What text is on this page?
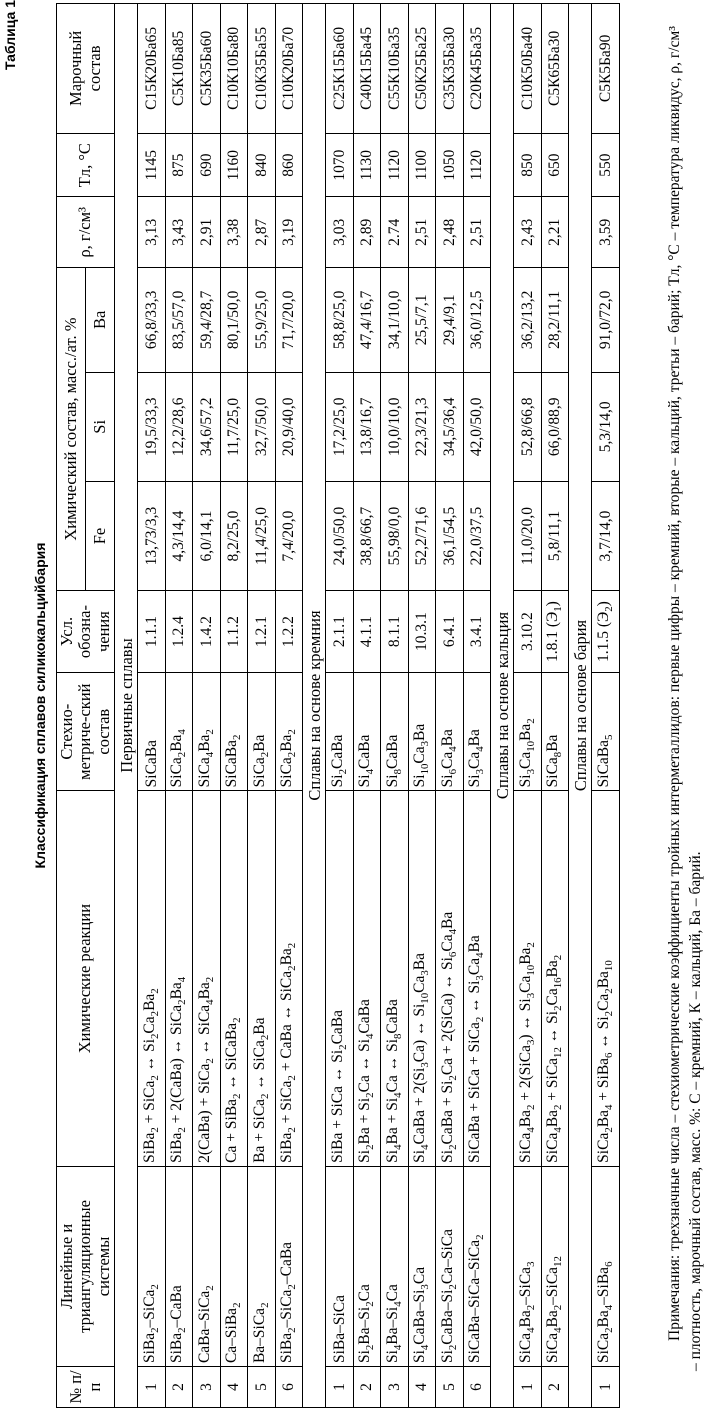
Таблица 1
Классификация сплавов силикокальцийбария
№ п/п	Линейные и триангуляционные системы	Химические реакции	Стехио-метриче-ский состав	Усл. обозна-чения	Химический состав, масс./ат. %			ρ, г/см³	Tл, °C	Марочный состав
					Fe	Si	Ba			
Первичные сплавы										
1	SiBa$_2$–SiCa$_2$	SiBa$_2$ + SiCa$_2$ ↔ $Si_2Ca_2Ba_2$	SiCaBa	1.1.1	13,73/3,3	19,5/33,3	66,8/33,3	3,13	1145	С15К20Ба65
2	SiBa$_2$–CaBa	SiBa$_2$ + 2(CaBa) ↔ $SiCa_2Ba_4$	$SiCa_2Ba_4$	1.2.4	4,3/14,4	12,2/28,6	83,5/57,0	3,43	875	С5К10Ба85
3	CaBa–SiCa$_2$	2(CaBa) + SiCa$_2$ ↔ $SiCa_4Ba_2$	$SiCa_4Ba_2$	1.4.2	6,0/14,1	34,6/57,2	59,4/28,7	2,91	690	С5К35Ба60
4	Ca–SiBa$_2$	Ca + SiBa$_2$ ↔ SiCaBa$_2$	SiCaBa$_2$	1.1.2	8,2/25,0	11,7/25,0	80,1/50,0	3,38	1160	С10К10Ба80
5	Ba–SiCa$_2$	Ba + SiCa$_2$ ↔ SiCa$_2$Ba	SiCa$_2$Ba	1.2.1	11,4/25,0	32,7/50,0	55,9/25,0	2,87	840	С10К35Ба55
6	SiBa$_2$–SiCa$_2$–CaBa	SiBa$_2$ + SiCa$_2$ + CaBa ↔ $SiCa_2Ba_2$	$SiCa_2Ba_2$	1.2.2	7,4/20,0	20,9/40,0	71,7/20,0	3,19	860	С10К20Ба70
Сплавы на основе кремния										
1	SiBa–SiCa	SiBa + SiCa ↔ $Si_2CaBa$	$Si_2CaBa$	2.1.1	24,0/50,0	17,2/25,0	58,8/25,0	3,03	1070	С25К15Ба60
2	$Si_2Ba-Si_2Ca$	$Si_2Ba + Si_2Ca$ ↔ $Si_4CaBa$	$Si_4CaBa$	4.1.1	38,8/66,7	13,8/16,7	47,4/16,7	2,89	1130	С40К15Ба45
3	$Si_4Ba-Si_4Ca$	$Si_4Ba + Si_4Ca$ ↔ $Si_8CaBa$	$Si_8CaBa$	8.1.1	55,98/0,0	10,0/10,0	34,1/10,0	2.74	1120	С55К10Ба35
4	$Si_4CaBa-Si_3Ca$	$Si_4CaBa + 2(Si_3Ca)$ ↔ $Si_{10}Ca_3Ba$	$Si_{10}Ca_3Ba$	10.3.1	52,2/71,6	22,3/21,3	25,5/7,1	2,51	1100	С50К25Ба25
5	$Si_2CaBa-Si_2Ca$–SiCa	$Si_2CaBa + Si_2Ca$ + 2(SiCa) ↔ $Si_6Ca_4Ba$	$Si_6Ca_4Ba$	6.4.1	36,1/54,5	34,5/36,4	29,4/9,1	2,48	1050	С35К35Ба30
6	SiCaBa–SiCa–SiCa$_2$	SiCaBa + SiCa + SiCa$_2$ ↔ $Si_3Ca_4Ba$	$Si_3Ca_4Ba$	3.4.1	22,0/37,5	42,0/50,0	36,0/12,5	2,51	1120	С20К45Ба35
Сплавы на основе кальция										
1	$SiCa_4Ba_2-SiCa_3$	$SiCa_4Ba_2$ + 2(SiCa$_3$) ↔ $Si_3Ca_{10}Ba_2$	$Si_3Ca_{10}Ba_2$	3.10.2	11,0/20,0	52,8/66,8	36,2/13,2	2,43	850	С10К50Ба40
2	$SiCa_4Ba_2-SiCa_{12}$	$SiCa_4Ba_2$ + SiCa$_{12}$ ↔ $Si_2Ca_{16}Ba_2$	SiCa$_8$Ba	1.8.1 $(Э_1)$	5,8/11,1	66,0/88,9	28,2/11,1	2,21	650	С5К65Ба30
Сплавы на основе бария										
1	$SiCa_2Ba_4-SiBa_6$	$SiCa_2Ba_4$ + SiBa$_6$ ↔ $Si_2Ca_2Ba_{10}$	SiCaBa$_5$	1.1.5 $(Э_2)$	3,7/14,0	5,3/14,0	91,0/72,0	3,59	550	С5К5Ба90	Примечания: трехзначные числа – стехиометрические коэффициенты тройных интерметаллидов: первые цифры – кремний, вторые – кальций, третьи – барий; Tл, °C – температура ликвидус, ρ, г/см³ – плотность, марочный состав, масс. %: С – кремний, К – кальций, Ба – барий.
